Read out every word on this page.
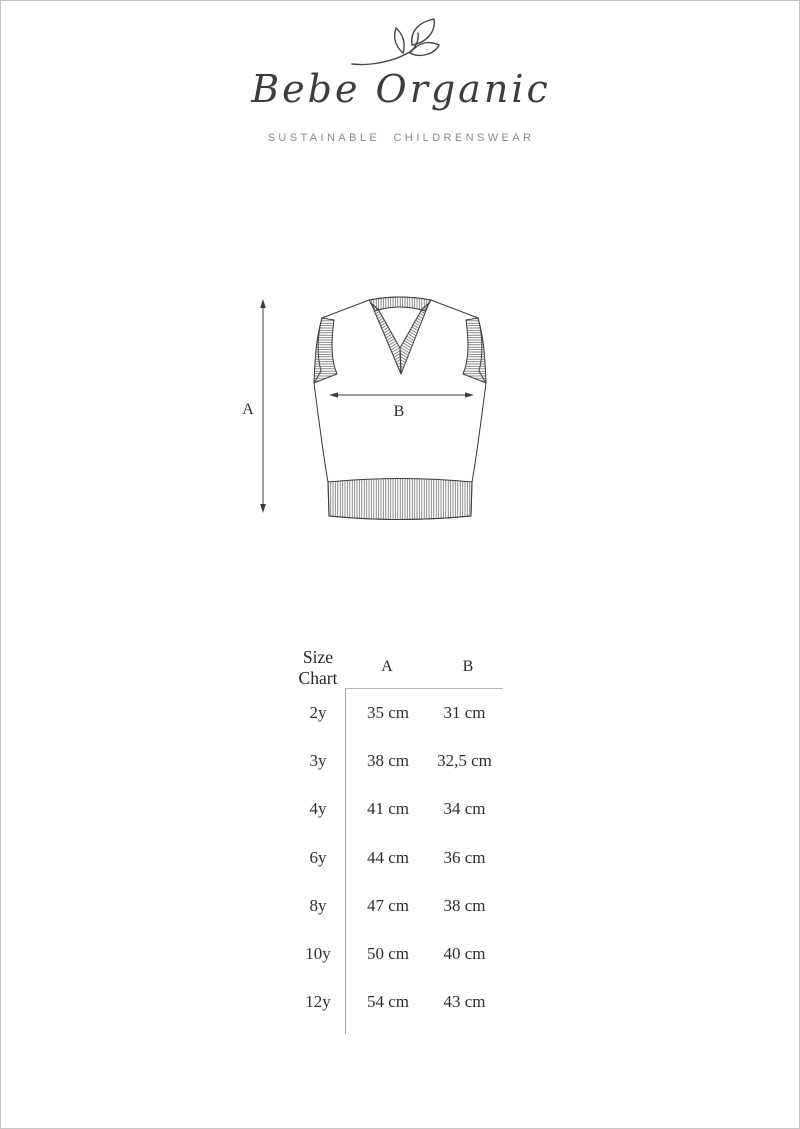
Bebe Organic
SUSTAINABLE CHILDRENSWEAR
A	B
Size
Chart
A	B
2y	35 cm	31 cm
3y	38 cm	32,5 cm
4y	41 cm	34 cm
6y	44 cm	36 cm
8y	47 cm	38 cm
10y	50 cm	40 cm
12y	54 cm	43 cm
